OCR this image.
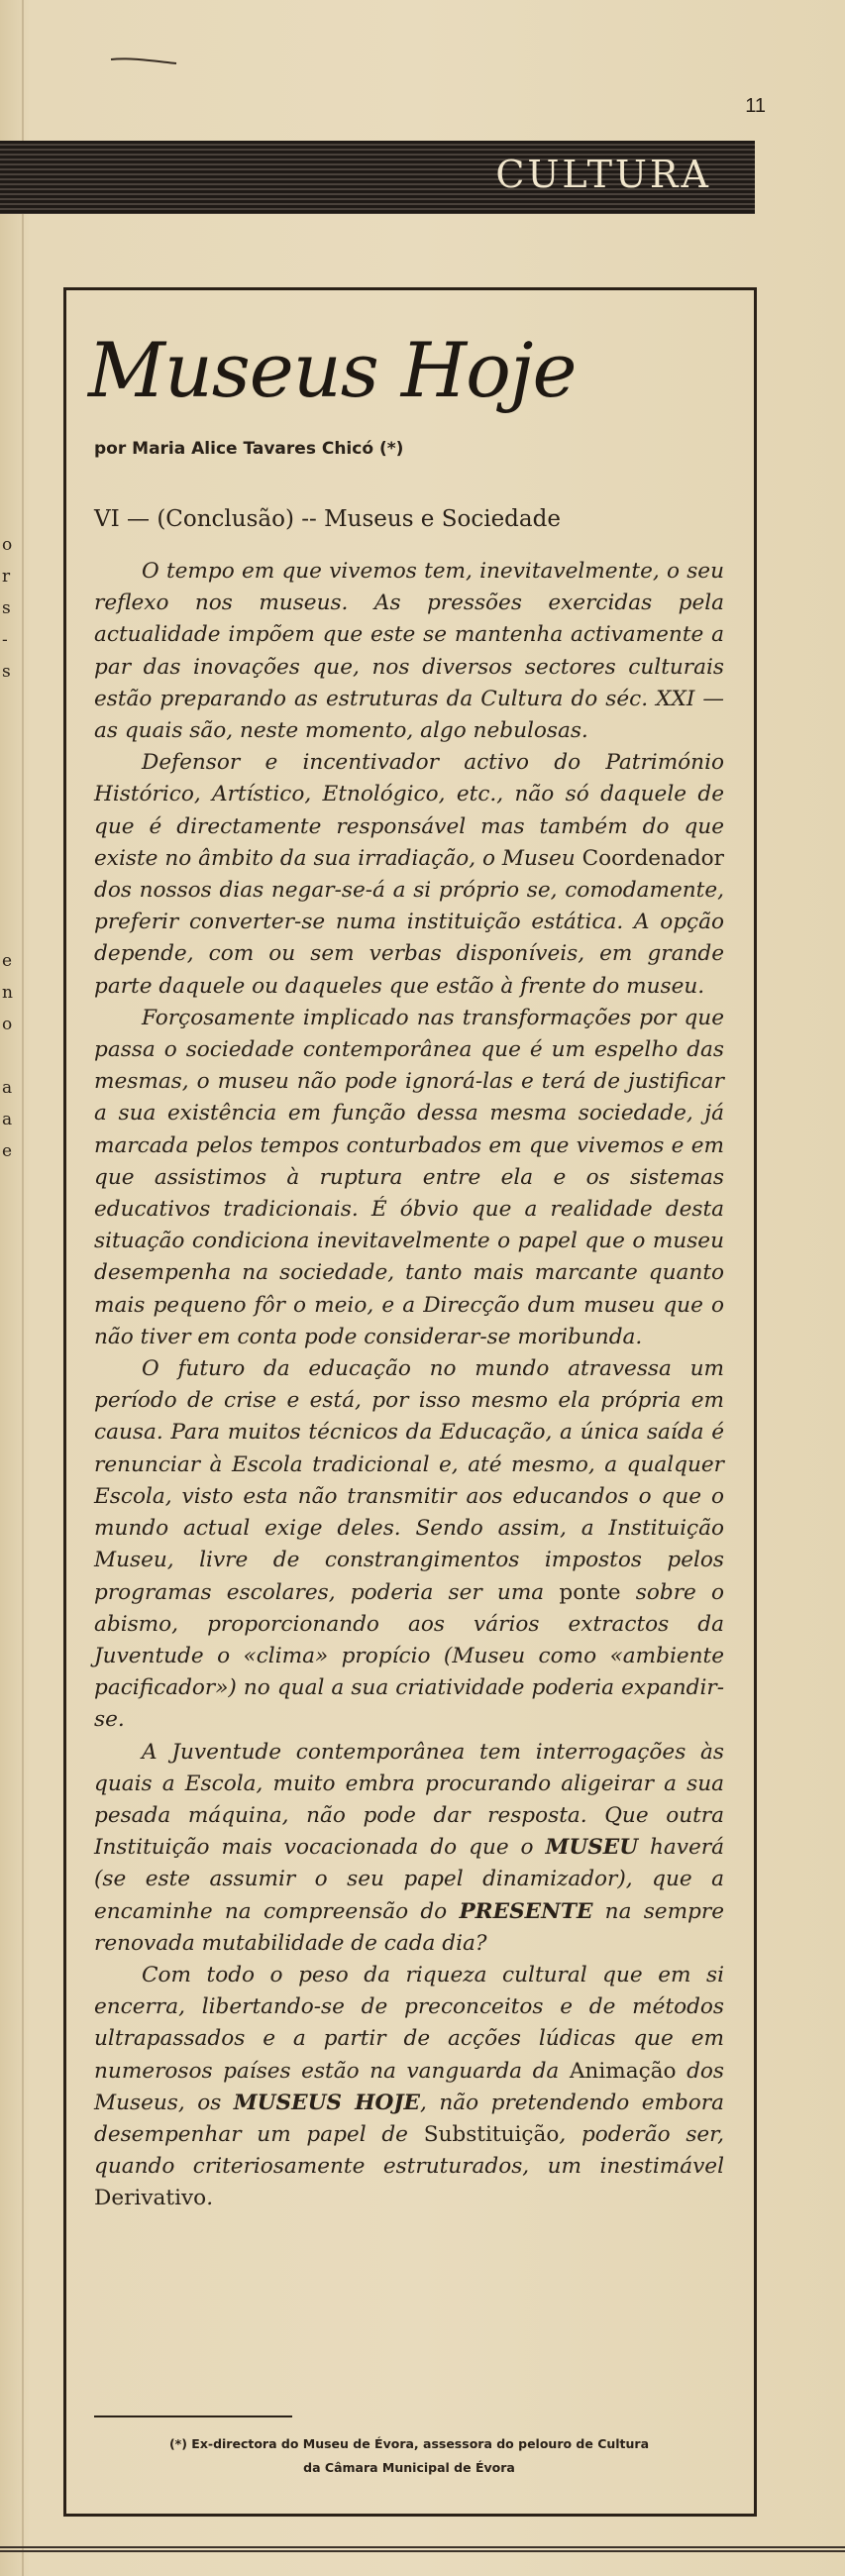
11
CULTURA
o
r
s
-
s
e
n
o
a
a
e
Museus Hoje
por Maria Alice Tavares Chicó (*)
VI — (Conclusão) -- Museus e Sociedade

O tempo em que vivemos tem, inevitavelmente, o seu reflexo nos museus. As pressões exercidas pela actualidade impõem que este se mantenha activamente a par das inovações que, nos diversos sectores culturais estão preparando as estruturas da Cultura do séc. XXI — as quais são, neste momento, algo nebulosas.

Defensor e incentivador activo do Património Histórico, Artístico, Etnológico, etc., não só daquele de que é directamente responsável mas também do que existe no âmbito da sua irradiação, o Museu Coordenador dos nossos dias negar-se-á a si próprio se, comodamente, preferir converter-se numa instituição estática. A opção depende, com ou sem verbas disponíveis, em grande parte daquele ou daqueles que estão à frente do museu.

Forçosamente implicado nas transformações por que passa o sociedade contemporânea que é um espelho das mesmas, o museu não pode ignorá-las e terá de justificar a sua existência em função dessa mesma sociedade, já marcada pelos tempos conturbados em que vivemos e em que assistimos à ruptura entre ela e os sistemas educativos tradicionais. É óbvio que a realidade desta situação condiciona inevitavelmente o papel que o museu desempenha na sociedade, tanto mais marcante quanto mais pequeno fôr o meio, e a Direcção dum museu que o não tiver em conta pode considerar-se moribunda.

O futuro da educação no mundo atravessa um período de crise e está, por isso mesmo ela própria em causa. Para muitos técnicos da Educação, a única saída é renunciar à Escola tradicional e, até mesmo, a qualquer Escola, visto esta não transmitir aos educandos o que o mundo actual exige deles. Sendo assim, a Instituição Museu, livre de constrangimentos impostos pelos programas escolares, poderia ser uma ponte sobre o abismo, proporcionando aos vários extractos da Juventude o «clima» propício (Museu como «ambiente pacificador») no qual a sua criatividade poderia expandir-se.

A Juventude contemporânea tem interrogações às quais a Escola, muito embra procurando aligeirar a sua pesada máquina, não pode dar resposta. Que outra Instituição mais vocacionada do que o MUSEU haverá (se este assumir o seu papel dinamizador), que a encaminhe na compreensão do PRESENTE na sempre renovada mutabilidade de cada dia?

Com todo o peso da riqueza cultural que em si encerra, libertando-se de preconceitos e de métodos ultrapassados e a partir de acções lúdicas que em numerosos países estão na vanguarda da Animação dos Museus, os MUSEUS HOJE, não pretendendo embora desempenhar um papel de Substituição, poderão ser, quando criteriosamente estruturados, um inestimável Derivativo.

(*) Ex-directora do Museu de Évora, assessora do pelouro de Cultura
da Câmara Municipal de Évora
